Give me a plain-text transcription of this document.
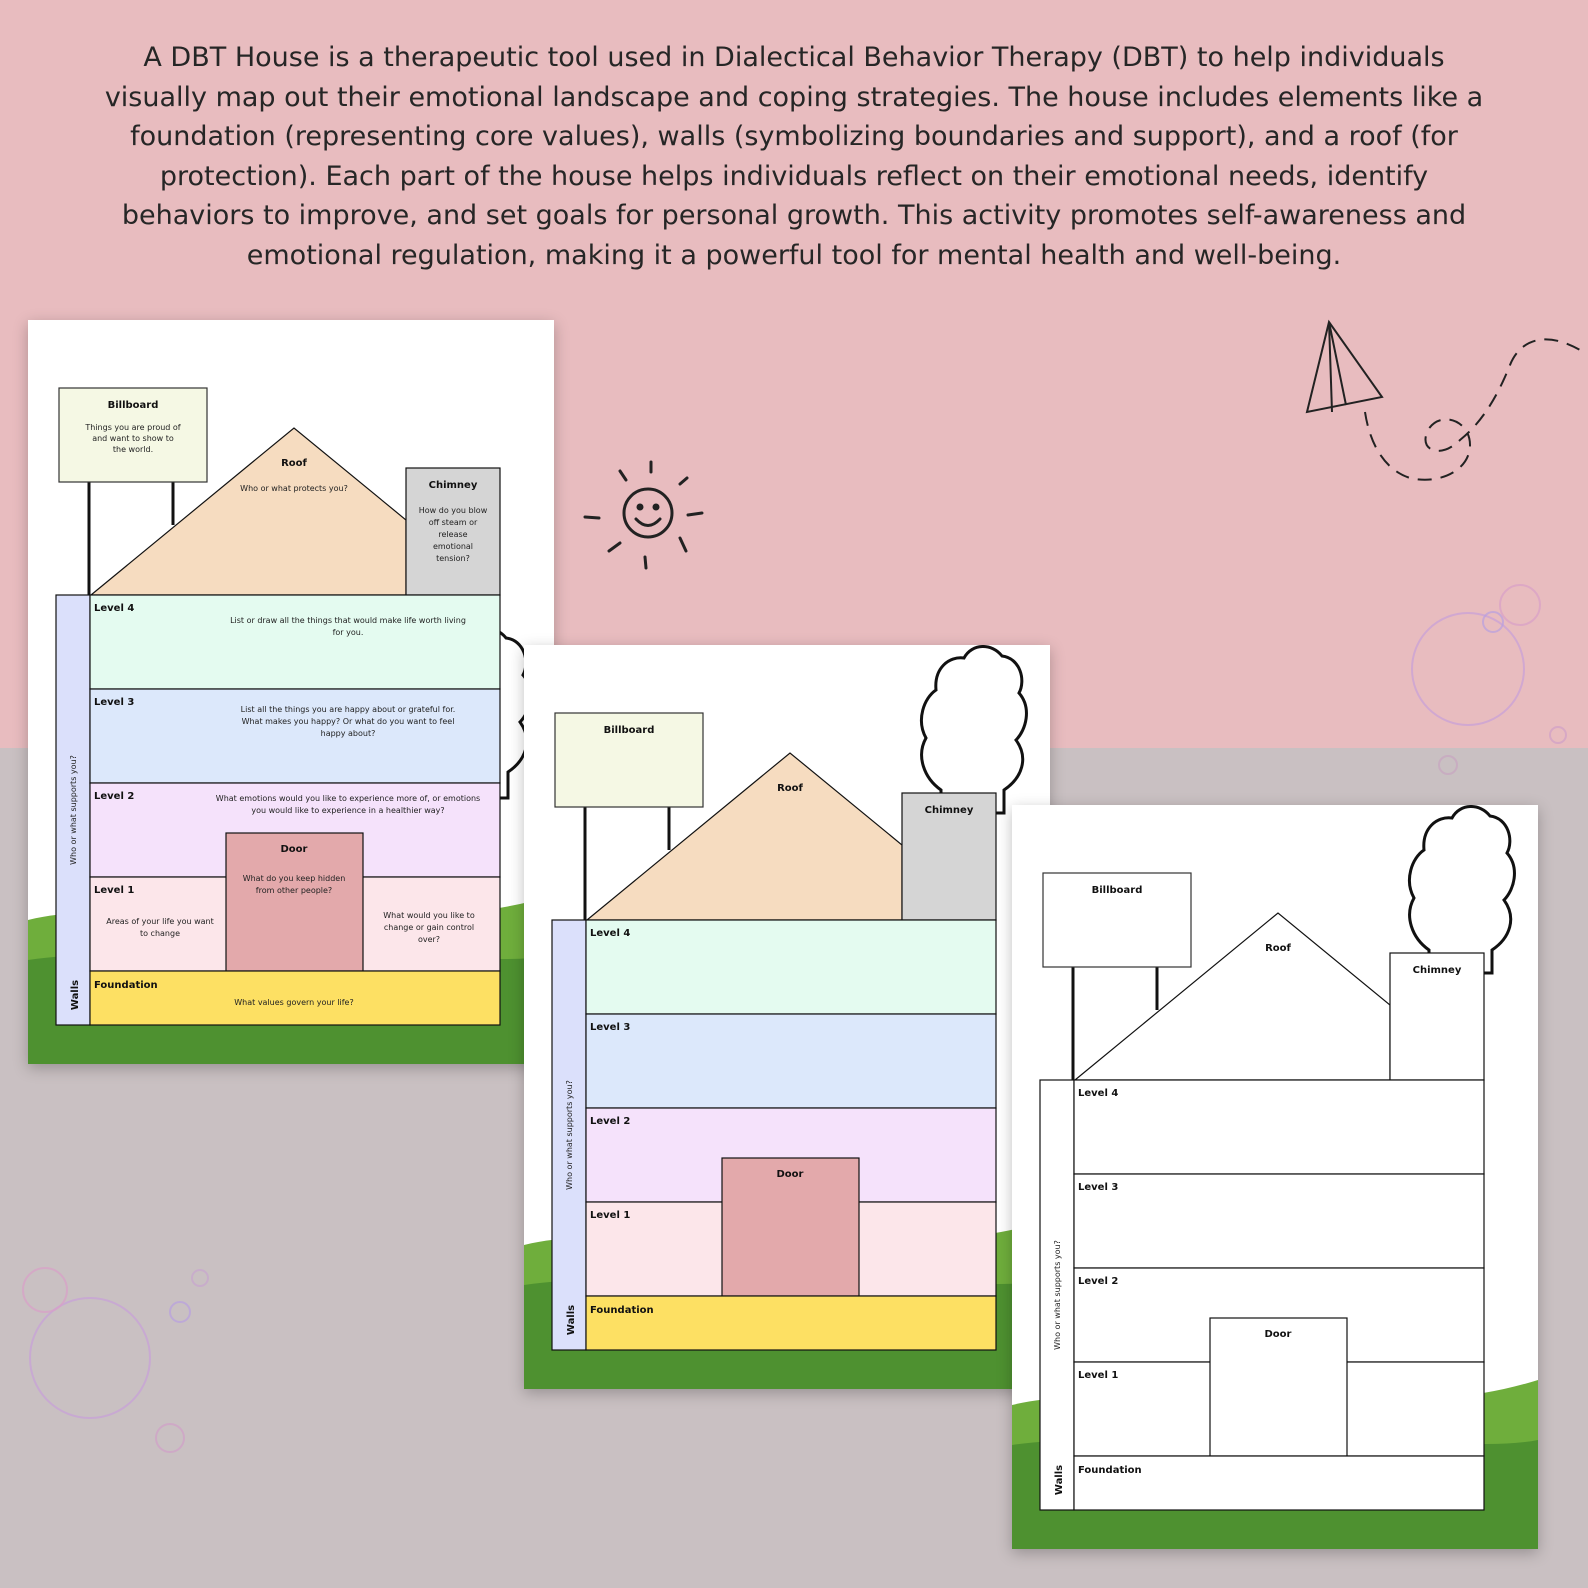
A DBT House is a therapeutic tool used in Dialectical Behavior Therapy (DBT) to help individuals visually map out their emotional landscape and coping strategies. The house includes elements like a foundation (representing core values), walls (symbolizing boundaries and support), and a roof (for protection). Each part of the house helps individuals reflect on their emotional needs, identify behaviors to improve, and set goals for personal growth. This activity promotes self-awareness and emotional regulation, making it a powerful tool for mental health and well-being.

Billboard
Things you are proud of
and want to show to
the world.
Roof
Who or what protects you?	Chimney
How do you blow
off steam or
release
emotional
tension?
Who or what supports you?
Walls
Level 4
List or draw all the things that would make life worth living
for you.
Level 3
List all the things you are happy about or grateful for.
What makes you happy? Or what do you want to feel
happy about?
Level 2	What emotions would you like to experience more of, or emotions
you would like to experience in a healthier way?
Level 1
Areas of your life you want
to change
What would you like to
change or gain control
over?
Door
What do you keep hidden
from other people?
Foundation
What values govern your life?
Billboard
Roof
Chimney
Who or what supports you?
Walls
Level 4
Level 3
Level 2
Level 1
Door
Foundation
Billboard
Roof
Chimney
Who or what supports you?
Walls
Level 4
Level 3
Level 2
Level 1
Door
Foundation
